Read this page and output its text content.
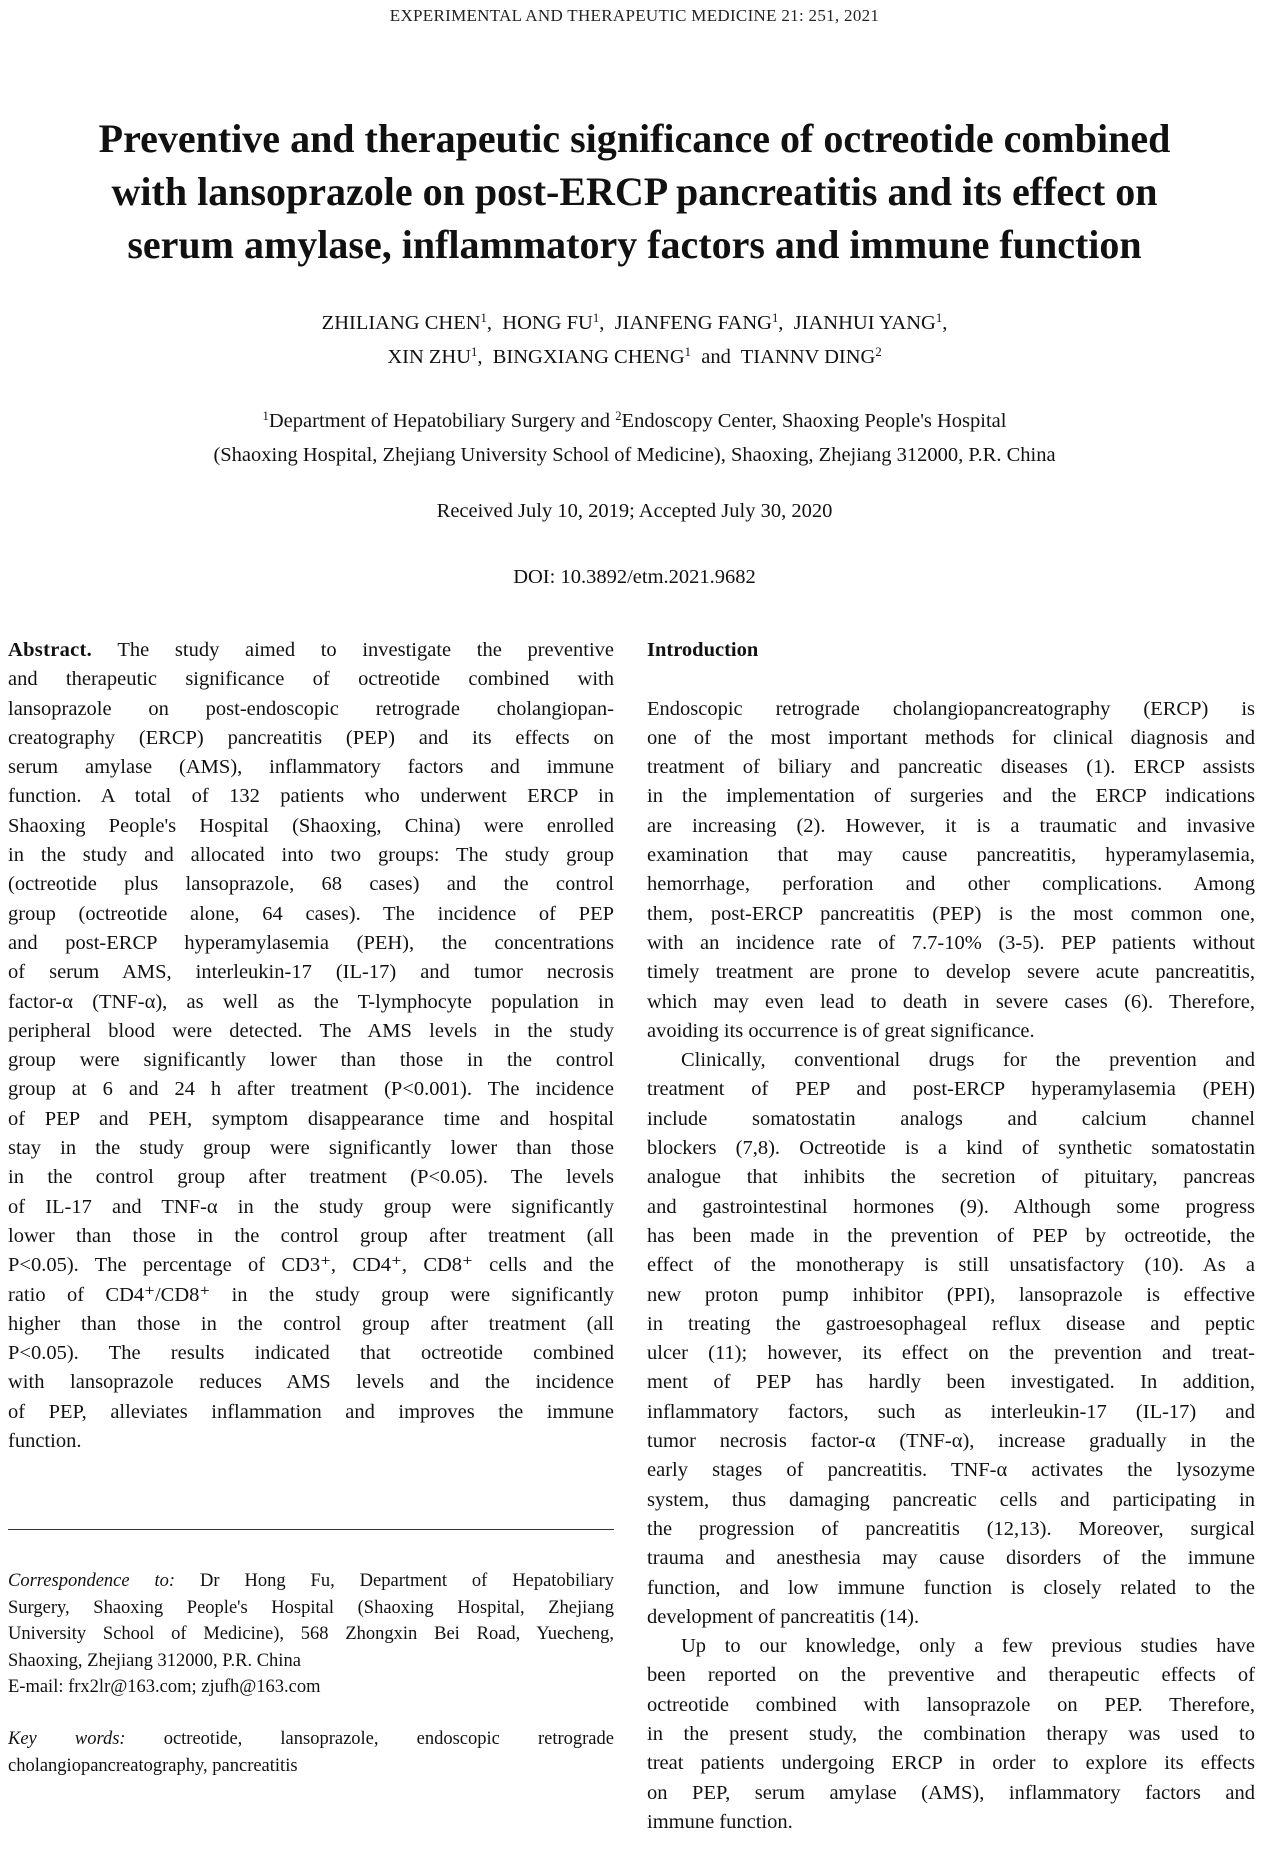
EXPERIMENTAL AND THERAPEUTIC MEDICINE 21: 251, 2021
Preventive and therapeutic significance of octreotide combined
with lansoprazole on post-ERCP pancreatitis and its effect on
serum amylase, inflammatory factors and immune function
ZHILIANG CHEN$^1$,  HONG $FU^1$,  JIANFENG FANG$^1$,  JIANHUI YANG$^1$,
XIN ZHU$^1$,  BINGXIANG CHENG$^1$ and TIANNV DING$^2$
$^1$Department of Hepatobiliary Surgery and $^2$Endoscopy Center, Shaoxing People's Hospital
(Shaoxing Hospital, Zhejiang University School of Medicine), Shaoxing, Zhejiang 312000, P.R. China
Received July 10, 2019; Accepted July 30, 2020
DOI: 10.3892/etm.2021.9682
Abstract. The study aimed to investigate the preventive
and therapeutic significance of octreotide combined with
lansoprazole on post-endoscopic retrograde cholangiopan-
creatography (ERCP) pancreatitis (PEP) and its effects on
serum amylase (AMS), inflammatory factors and immune
function. A total of 132 patients who underwent ERCP in
Shaoxing People's Hospital (Shaoxing, China) were enrolled
in the study and allocated into two groups: The study group
(octreotide plus lansoprazole, 68 cases) and the control
group (octreotide alone, 64 cases). The incidence of PEP
and post-ERCP hyperamylasemia (PEH), the concentrations
of serum AMS, interleukin-17 (IL-17) and tumor necrosis
factor-α (TNF-α), as well as the T-lymphocyte population in
peripheral blood were detected. The AMS levels in the study
group were significantly lower than those in the control
group at 6 and 24 h after treatment (P<0.001). The incidence
of PEP and PEH, symptom disappearance time and hospital
stay in the study group were significantly lower than those
in the control group after treatment (P<0.05). The levels
of IL-17 and TNF-α in the study group were significantly
lower than those in the control group after treatment (all
P<0.05). The percentage of CD3⁺, CD4⁺, CD8⁺ cells and the
ratio of CD4⁺/CD8⁺ in the study group were significantly
higher than those in the control group after treatment (all
P<0.05). The results indicated that octreotide combined
with lansoprazole reduces AMS levels and the incidence
of PEP, alleviates inflammation and improves the immune
function.
Correspondence to: Dr Hong Fu, Department of Hepatobiliary
Surgery, Shaoxing People's Hospital (Shaoxing Hospital, Zhejiang
University School of Medicine), 568 Zhongxin Bei Road, Yuecheng,
Shaoxing, Zhejiang 312000, P.R. China
E-mail: frx2lr@163.com; zjufh@163.com
Key words: octreotide, lansoprazole, endoscopic retrograde
cholangiopancreatography, pancreatitis
Introduction
Endoscopic retrograde cholangiopancreatography (ERCP) is
one of the most important methods for clinical diagnosis and
treatment of biliary and pancreatic diseases (1). ERCP assists
in the implementation of surgeries and the ERCP indications
are increasing (2). However, it is a traumatic and invasive
examination that may cause pancreatitis, hyperamylasemia,
hemorrhage, perforation and other complications. Among
them, post-ERCP pancreatitis (PEP) is the most common one,
with an incidence rate of 7.7-10% (3-5). PEP patients without
timely treatment are prone to develop severe acute pancreatitis,
which may even lead to death in severe cases (6). Therefore,
avoiding its occurrence is of great significance.
Clinically, conventional drugs for the prevention and
treatment of PEP and post-ERCP hyperamylasemia (PEH)
include somatostatin analogs and calcium channel
blockers (7,8). Octreotide is a kind of synthetic somatostatin
analogue that inhibits the secretion of pituitary, pancreas
and gastrointestinal hormones (9). Although some progress
has been made in the prevention of PEP by octreotide, the
effect of the monotherapy is still unsatisfactory (10). As a
new proton pump inhibitor (PPI), lansoprazole is effective
in treating the gastroesophageal reflux disease and peptic
ulcer (11); however, its effect on the prevention and treat-
ment of PEP has hardly been investigated. In addition,
inflammatory factors, such as interleukin-17 (IL-17) and
tumor necrosis factor-α (TNF-α), increase gradually in the
early stages of pancreatitis. TNF-α activates the lysozyme
system, thus damaging pancreatic cells and participating in
the progression of pancreatitis (12,13). Moreover, surgical
trauma and anesthesia may cause disorders of the immune
function, and low immune function is closely related to the
development of pancreatitis (14).
Up to our knowledge, only a few previous studies have
been reported on the preventive and therapeutic effects of
octreotide combined with lansoprazole on PEP. Therefore,
in the present study, the combination therapy was used to
treat patients undergoing ERCP in order to explore its effects
on PEP, serum amylase (AMS), inflammatory factors and
immune function.
